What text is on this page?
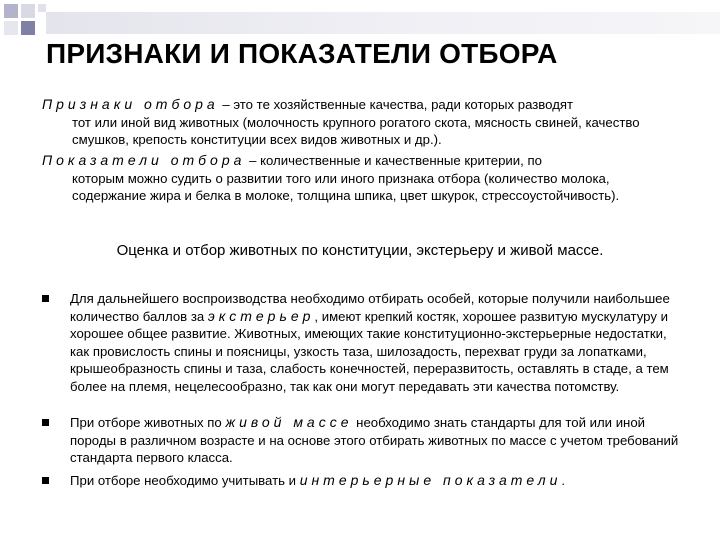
ПРИЗНАКИ И ПОКАЗАТЕЛИ ОТБОРА
Признаки отбора – это те хозяйственные качества, ради которых разводят
тот или иной вид животных (молочность крупного рогатого скота, мясность свиней, качество смушков, крепость конституции всех видов животных и др.).
Показатели отбора – количественные и качественные критерии, по
которым можно судить о развитии того или иного признака отбора (количество молока, содержание жира и белка в молоке, толщина шпика, цвет шкурок, стрессоустойчивость).
Оценка и отбор животных по конституции, экстерьеру и живой массе.
Для дальнейшего воспроизводства необходимо отбирать особей, которые получили наибольшее количество баллов за экстерьер, имеют крепкий костяк, хорошее развитую мускулатуру и хорошее общее развитие. Животных, имеющих такие конституционно-экстерьерные недостатки, как провислость спины и поясницы, узкость таза, шилозадость, перехват груди за лопатками, крышеобразность спины и таза, слабость конечностей, переразвитость, оставлять в стаде, а тем более на племя, нецелесообразно, так как они могут передавать эти качества потомству.
При отборе животных по живой массе необходимо знать стандарты для той или иной породы в различном возрасте и на основе этого отбирать животных по массе с учетом требований стандарта первого класса.
При отборе необходимо учитывать и интерьерные показатели.
